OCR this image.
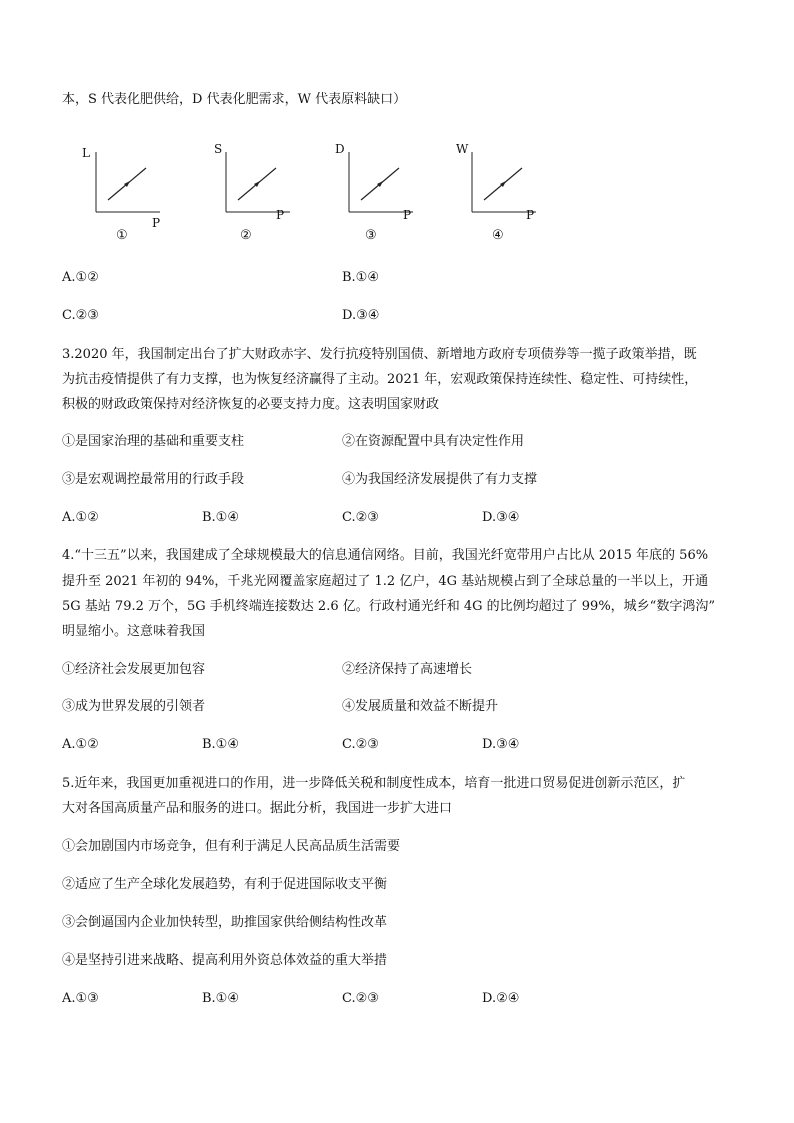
本，S 代表化肥供给，D 代表化肥需求，W 代表原料缺口）
L
P
①
S
P
②
D
P
③
W
P
④
A.①②	B.①④
C.②③	D.③④
3.2020 年，我国制定出台了扩大财政赤字、发行抗疫特别国债、新增地方政府专项债券等一揽子政策举措，既
为抗击疫情提供了有力支撑，也为恢复经济赢得了主动。2021 年，宏观政策保持连续性、稳定性、可持续性，
积极的财政政策保持对经济恢复的必要支持力度。这表明国家财政
①是国家治理的基础和重要支柱	②在资源配置中具有决定性作用
③是宏观调控最常用的行政手段	④为我国经济发展提供了有力支撑
A.①②	B.①④	C.②③	D.③④
4.“十三五”以来，我国建成了全球规模最大的信息通信网络。目前，我国光纤宽带用户占比从 2015 年底的 56%
提升至 2021 年初的 94%，千兆光网覆盖家庭超过了 1.2 亿户，4G 基站规模占到了全球总量的一半以上，开通
5G 基站 79.2 万个，5G 手机终端连接数达 2.6 亿。行政村通光纤和 4G 的比例均超过了 99%，城乡“数字鸿沟”
明显缩小。这意味着我国
①经济社会发展更加包容	②经济保持了高速增长
③成为世界发展的引领者	④发展质量和效益不断提升
A.①②	B.①④	C.②③	D.③④
5.近年来，我国更加重视进口的作用，进一步降低关税和制度性成本，培育一批进口贸易促进创新示范区，扩
大对各国高质量产品和服务的进口。据此分析，我国进一步扩大进口
①会加剧国内市场竞争，但有利于满足人民高品质生活需要
②适应了生产全球化发展趋势，有利于促进国际收支平衡
③会倒逼国内企业加快转型，助推国家供给侧结构性改革
④是坚持引进来战略、提高利用外资总体效益的重大举措
A.①③	B.①④	C.②③	D.②④
